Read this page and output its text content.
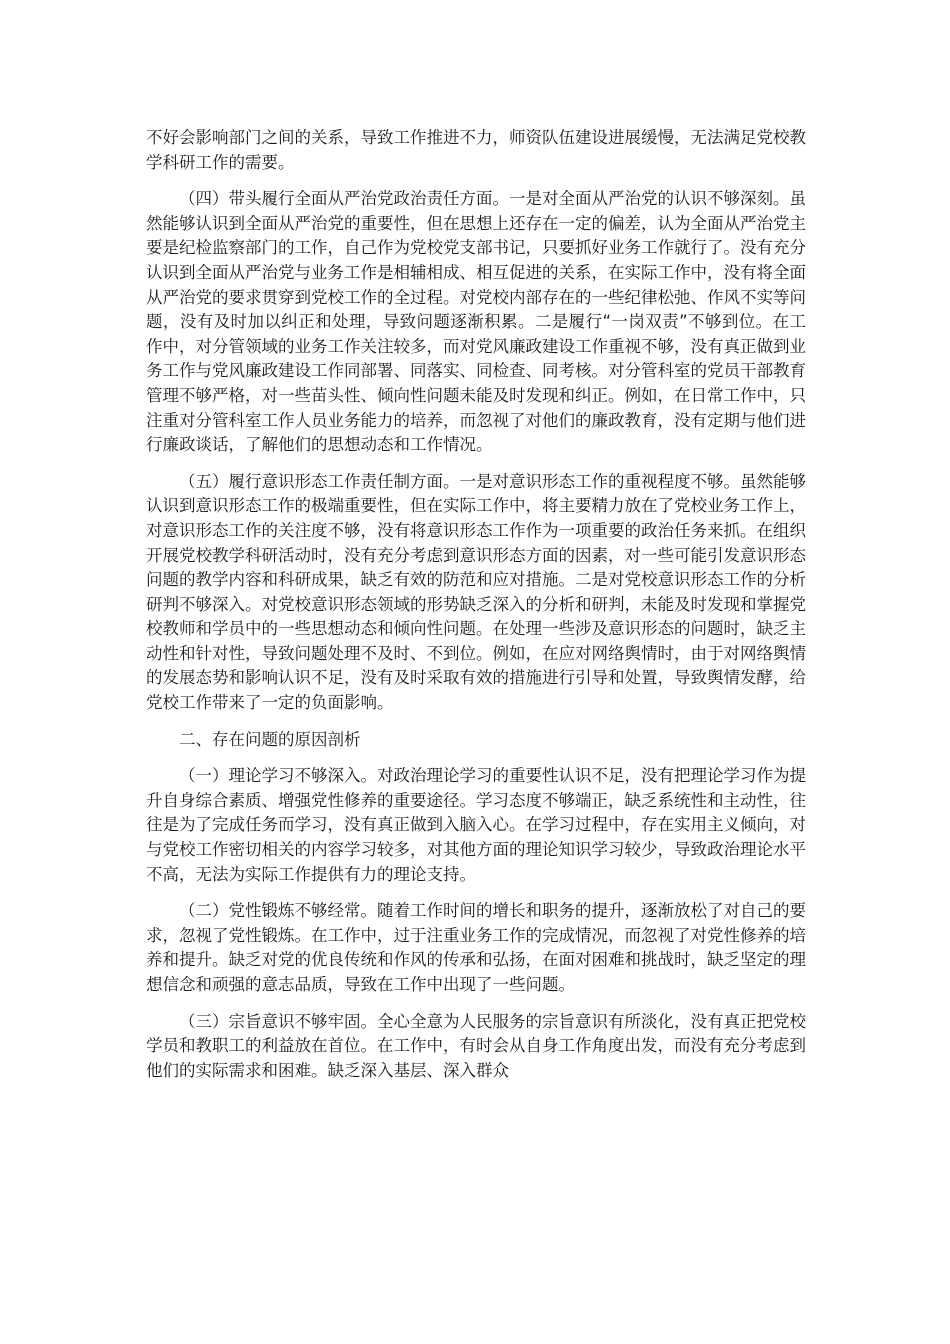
不好会影响部门之间的关系，导致工作推进不力，师资队伍建设进展缓慢，无法满足党校教学科研工作的需要。

（四）带头履行全面从严治党政治责任方面。一是对全面从严治党的认识不够深刻。虽然能够认识到全面从严治党的重要性，但在思想上还存在一定的偏差，认为全面从严治党主要是纪检监察部门的工作，自己作为党校党支部书记，只要抓好业务工作就行了。没有充分认识到全面从严治党与业务工作是相辅相成、相互促进的关系，在实际工作中，没有将全面从严治党的要求贯穿到党校工作的全过程。对党校内部存在的一些纪律松弛、作风不实等问题，没有及时加以纠正和处理，导致问题逐渐积累。二是履行“一岗双责”不够到位。在工作中，对分管领域的业务工作关注较多，而对党风廉政建设工作重视不够，没有真正做到业务工作与党风廉政建设工作同部署、同落实、同检查、同考核。对分管科室的党员干部教育管理不够严格，对一些苗头性、倾向性问题未能及时发现和纠正。例如，在日常工作中，只注重对分管科室工作人员业务能力的培养，而忽视了对他们的廉政教育，没有定期与他们进行廉政谈话，了解他们的思想动态和工作情况。

（五）履行意识形态工作责任制方面。一是对意识形态工作的重视程度不够。虽然能够认识到意识形态工作的极端重要性，但在实际工作中，将主要精力放在了党校业务工作上，对意识形态工作的关注度不够，没有将意识形态工作作为一项重要的政治任务来抓。在组织开展党校教学科研活动时，没有充分考虑到意识形态方面的因素，对一些可能引发意识形态问题的教学内容和科研成果，缺乏有效的防范和应对措施。二是对党校意识形态工作的分析研判不够深入。对党校意识形态领域的形势缺乏深入的分析和研判，未能及时发现和掌握党校教师和学员中的一些思想动态和倾向性问题。在处理一些涉及意识形态的问题时，缺乏主动性和针对性，导致问题处理不及时、不到位。例如，在应对网络舆情时，由于对网络舆情的发展态势和影响认识不足，没有及时采取有效的措施进行引导和处置，导致舆情发酵，给党校工作带来了一定的负面影响。

二、存在问题的原因剖析

（一）理论学习不够深入。对政治理论学习的重要性认识不足，没有把理论学习作为提升自身综合素质、增强党性修养的重要途径。学习态度不够端正，缺乏系统性和主动性，往往是为了完成任务而学习，没有真正做到入脑入心。在学习过程中，存在实用主义倾向，对与党校工作密切相关的内容学习较多，对其他方面的理论知识学习较少，导致政治理论水平不高，无法为实际工作提供有力的理论支持。

（二）党性锻炼不够经常。随着工作时间的增长和职务的提升，逐渐放松了对自己的要求，忽视了党性锻炼。在工作中，过于注重业务工作的完成情况，而忽视了对党性修养的培养和提升。缺乏对党的优良传统和作风的传承和弘扬，在面对困难和挑战时，缺乏坚定的理想信念和顽强的意志品质，导致在工作中出现了一些问题。

（三）宗旨意识不够牢固。全心全意为人民服务的宗旨意识有所淡化，没有真正把党校学员和教职工的利益放在首位。在工作中，有时会从自身工作角度出发，而没有充分考虑到他们的实际需求和困难。缺乏深入基层、深入群众
